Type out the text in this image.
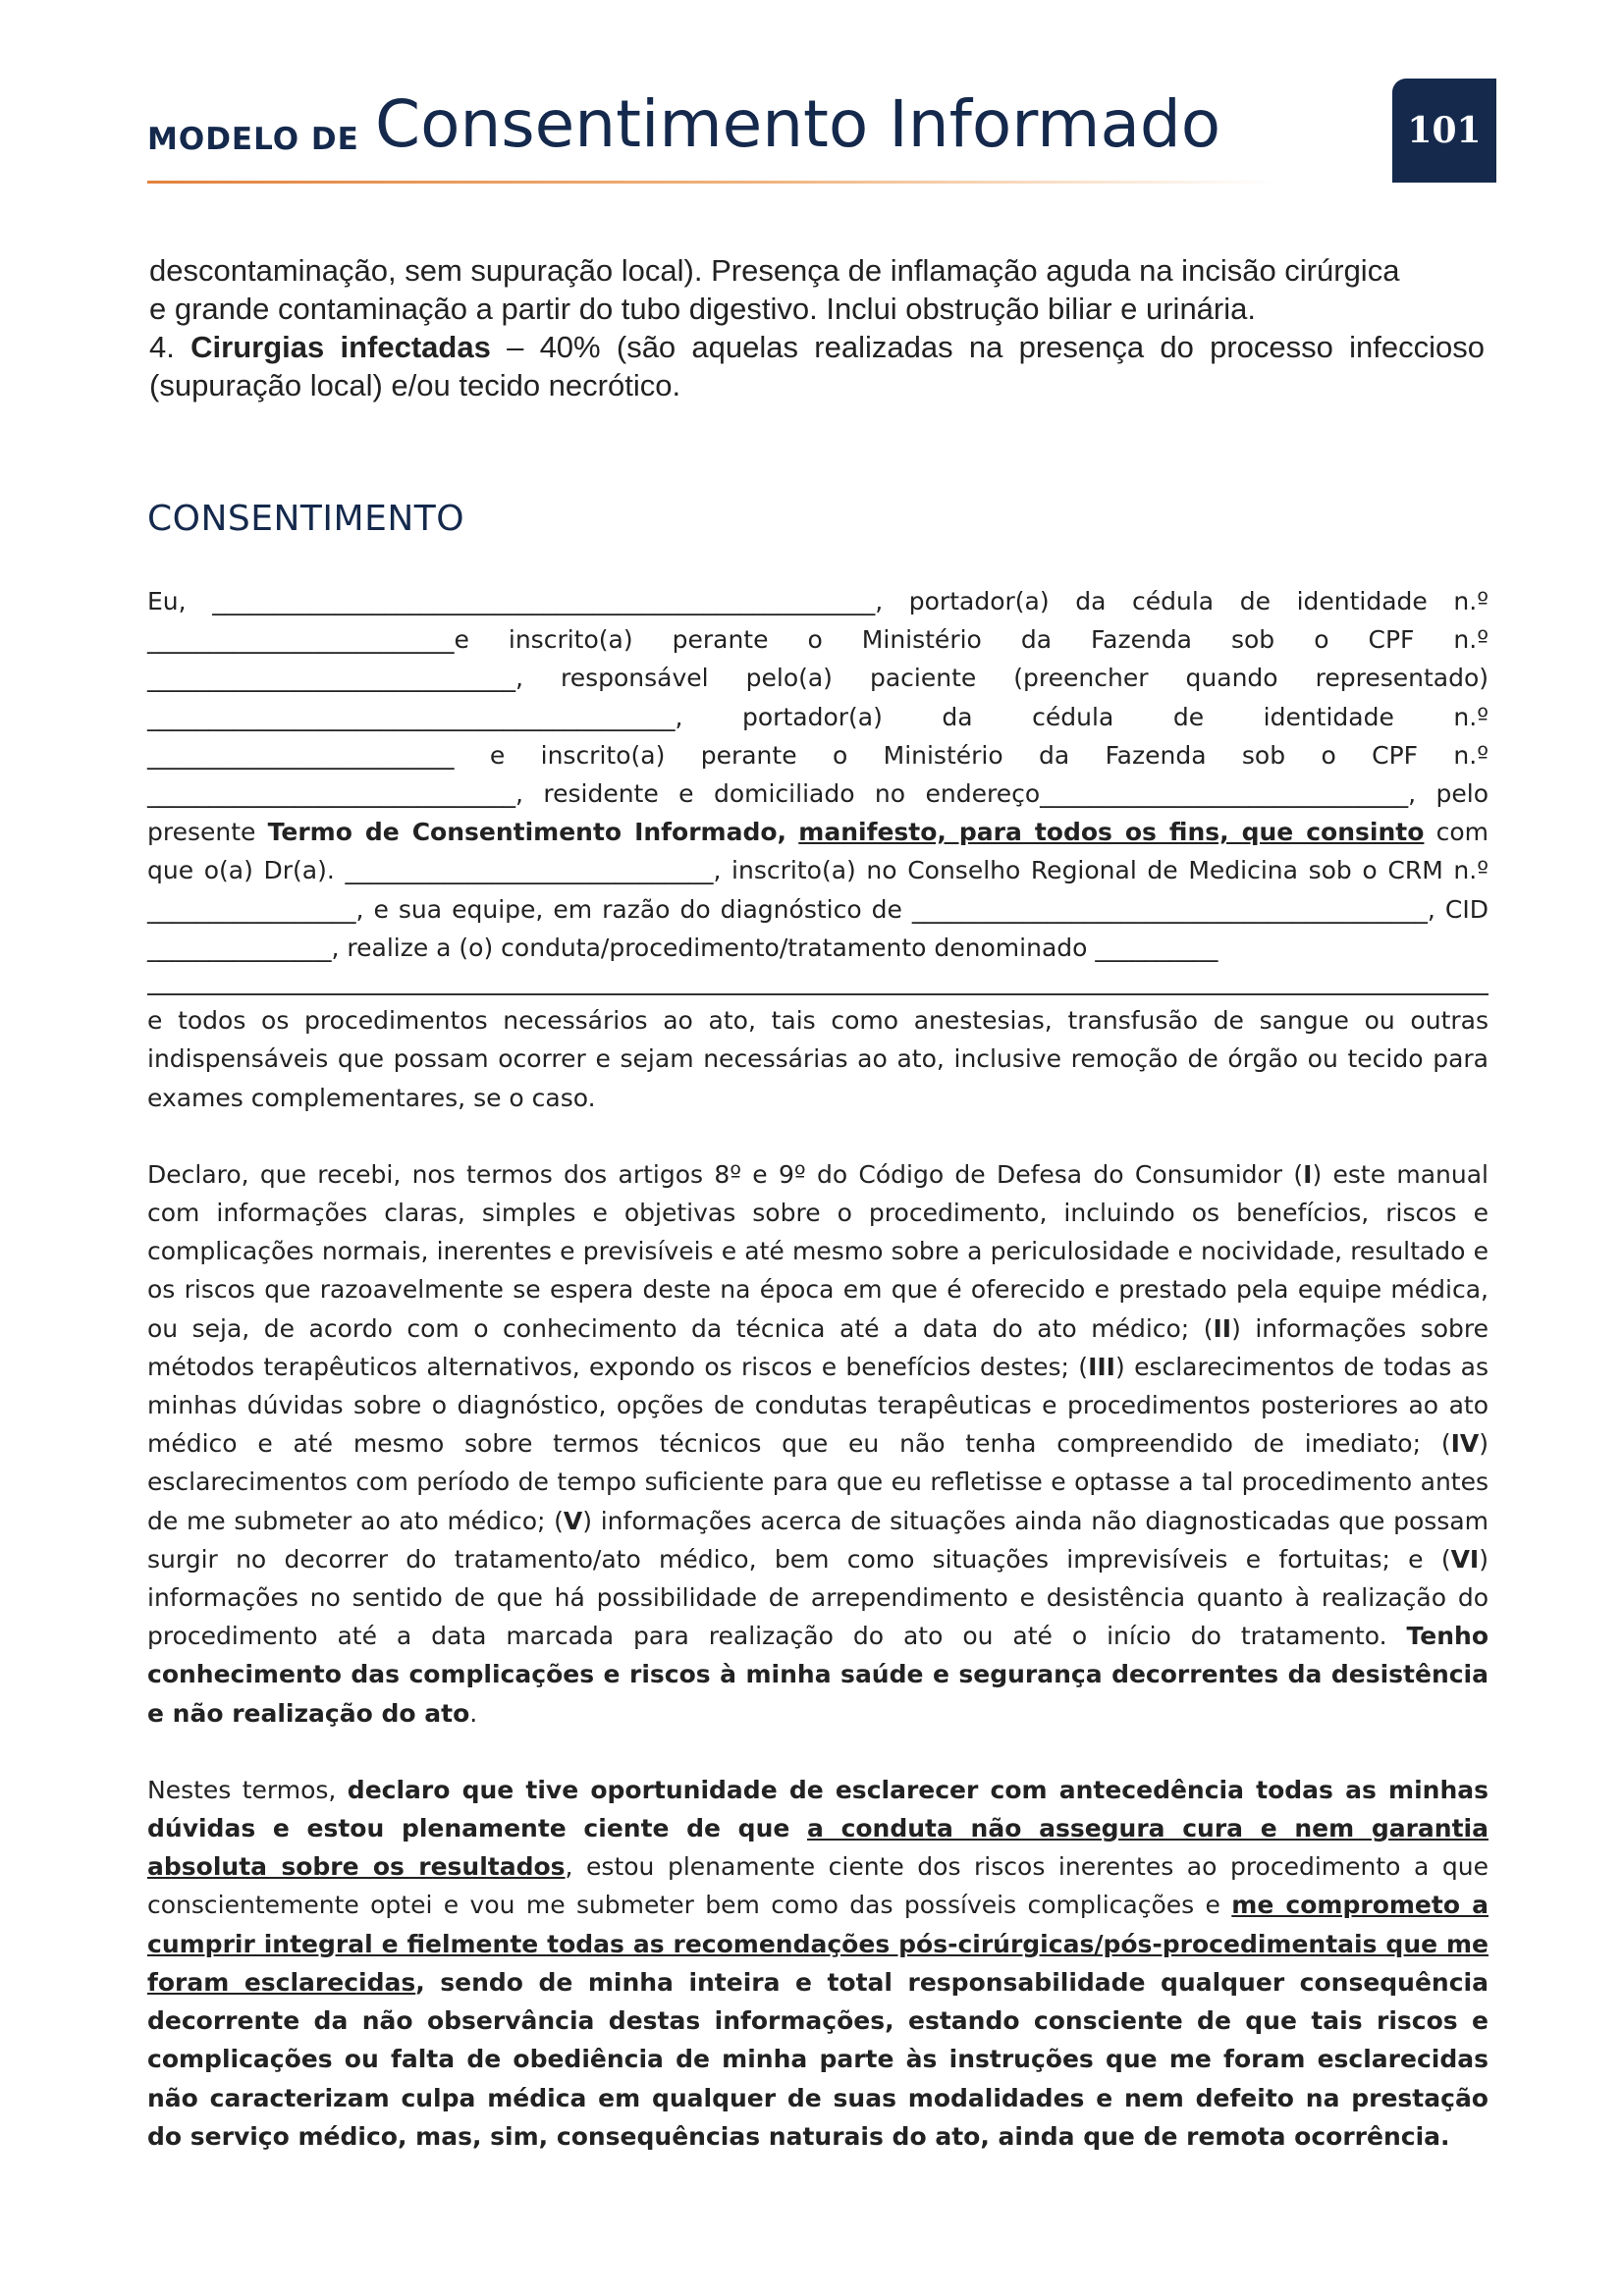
MODELO DE Consentimento Informado	101

descontaminação, sem supuração local). Presença de inflamação aguda na incisão cirúrgica

e grande contaminação a partir do tubo digestivo. Inclui obstrução biliar e urinária.

4. Cirurgias infectadas – 40% (são aquelas realizadas na presença do processo infeccioso (supuração local) e/ou tecido necrótico.

CONSENTIMENTO

Eu, ______________________________________________________, portador(a) da cédula de identidade n.º _________________________e inscrito(a) perante o Ministério da Fazenda sob o CPF n.º ______________________________, responsável pelo(a) paciente (preencher quando representado) ___________________________________________, portador(a) da cédula de identidade n.º _________________________ e inscrito(a) perante o Ministério da Fazenda sob o CPF n.º ______________________________, residente e domiciliado no endereço______________________________, pelo presente Termo de Consentimento Informado, manifesto, para todos os fins, que consinto com que o(a) Dr(a). ______________________________, inscrito(a) no Conselho Regional de Medicina sob o CRM n.º _________________, e sua equipe, em razão do diagnóstico de __________________________________________, CID _______________, realize a (o) conduta/procedimento/tratamento denominado __________
e todos os procedimentos necessários ao ato, tais como anestesias, transfusão de sangue ou outras indispensáveis que possam ocorrer e sejam necessárias ao ato, inclusive remoção de órgão ou tecido para exames complementares, se o caso.

Declaro, que recebi, nos termos dos artigos 8º e 9º do Código de Defesa do Consumidor (I) este manual com informações claras, simples e objetivas sobre o procedimento, incluindo os benefícios, riscos e complicações normais, inerentes e previsíveis e até mesmo sobre a periculosidade e nocividade, resultado e os riscos que razoavelmente se espera deste na época em que é oferecido e prestado pela equipe médica, ou seja, de acordo com o conhecimento da técnica até a data do ato médico; (II) informações sobre métodos terapêuticos alternativos, expondo os riscos e benefícios destes; (III) esclarecimentos de todas as minhas dúvidas sobre o diagnóstico, opções de condutas terapêuticas e procedimentos posteriores ao ato médico e até mesmo sobre termos técnicos que eu não tenha compreendido de imediato; (IV) esclarecimentos com período de tempo suficiente para que eu refletisse e optasse a tal procedimento antes de me submeter ao ato médico; (V) informações acerca de situações ainda não diagnosticadas que possam surgir no decorrer do tratamento/ato médico, bem como situações imprevisíveis e fortuitas; e (VI) informações no sentido de que há possibilidade de arrependimento e desistência quanto à realização do procedimento até a data marcada para realização do ato ou até o início do tratamento. Tenho conhecimento das complicações e riscos à minha saúde e segurança decorrentes da desistência e não realização do ato.

Nestes termos, declaro que tive oportunidade de esclarecer com antecedência todas as minhas dúvidas e estou plenamente ciente de que a conduta não assegura cura e nem garantia absoluta sobre os resultados, estou plenamente ciente dos riscos inerentes ao procedimento a que conscientemente optei e vou me submeter bem como das possíveis complicações e me comprometo a cumprir integral e fielmente todas as recomendações pós-cirúrgicas/pós-procedimentais que me foram esclarecidas, sendo de minha inteira e total responsabilidade qualquer consequência decorrente da não observância destas informações, estando consciente de que tais riscos e complicações ou falta de obediência de minha parte às instruções que me foram esclarecidas não caracterizam culpa médica em qualquer de suas modalidades e nem defeito na prestação do serviço médico, mas, sim, consequências naturais do ato, ainda que de remota ocorrência.
